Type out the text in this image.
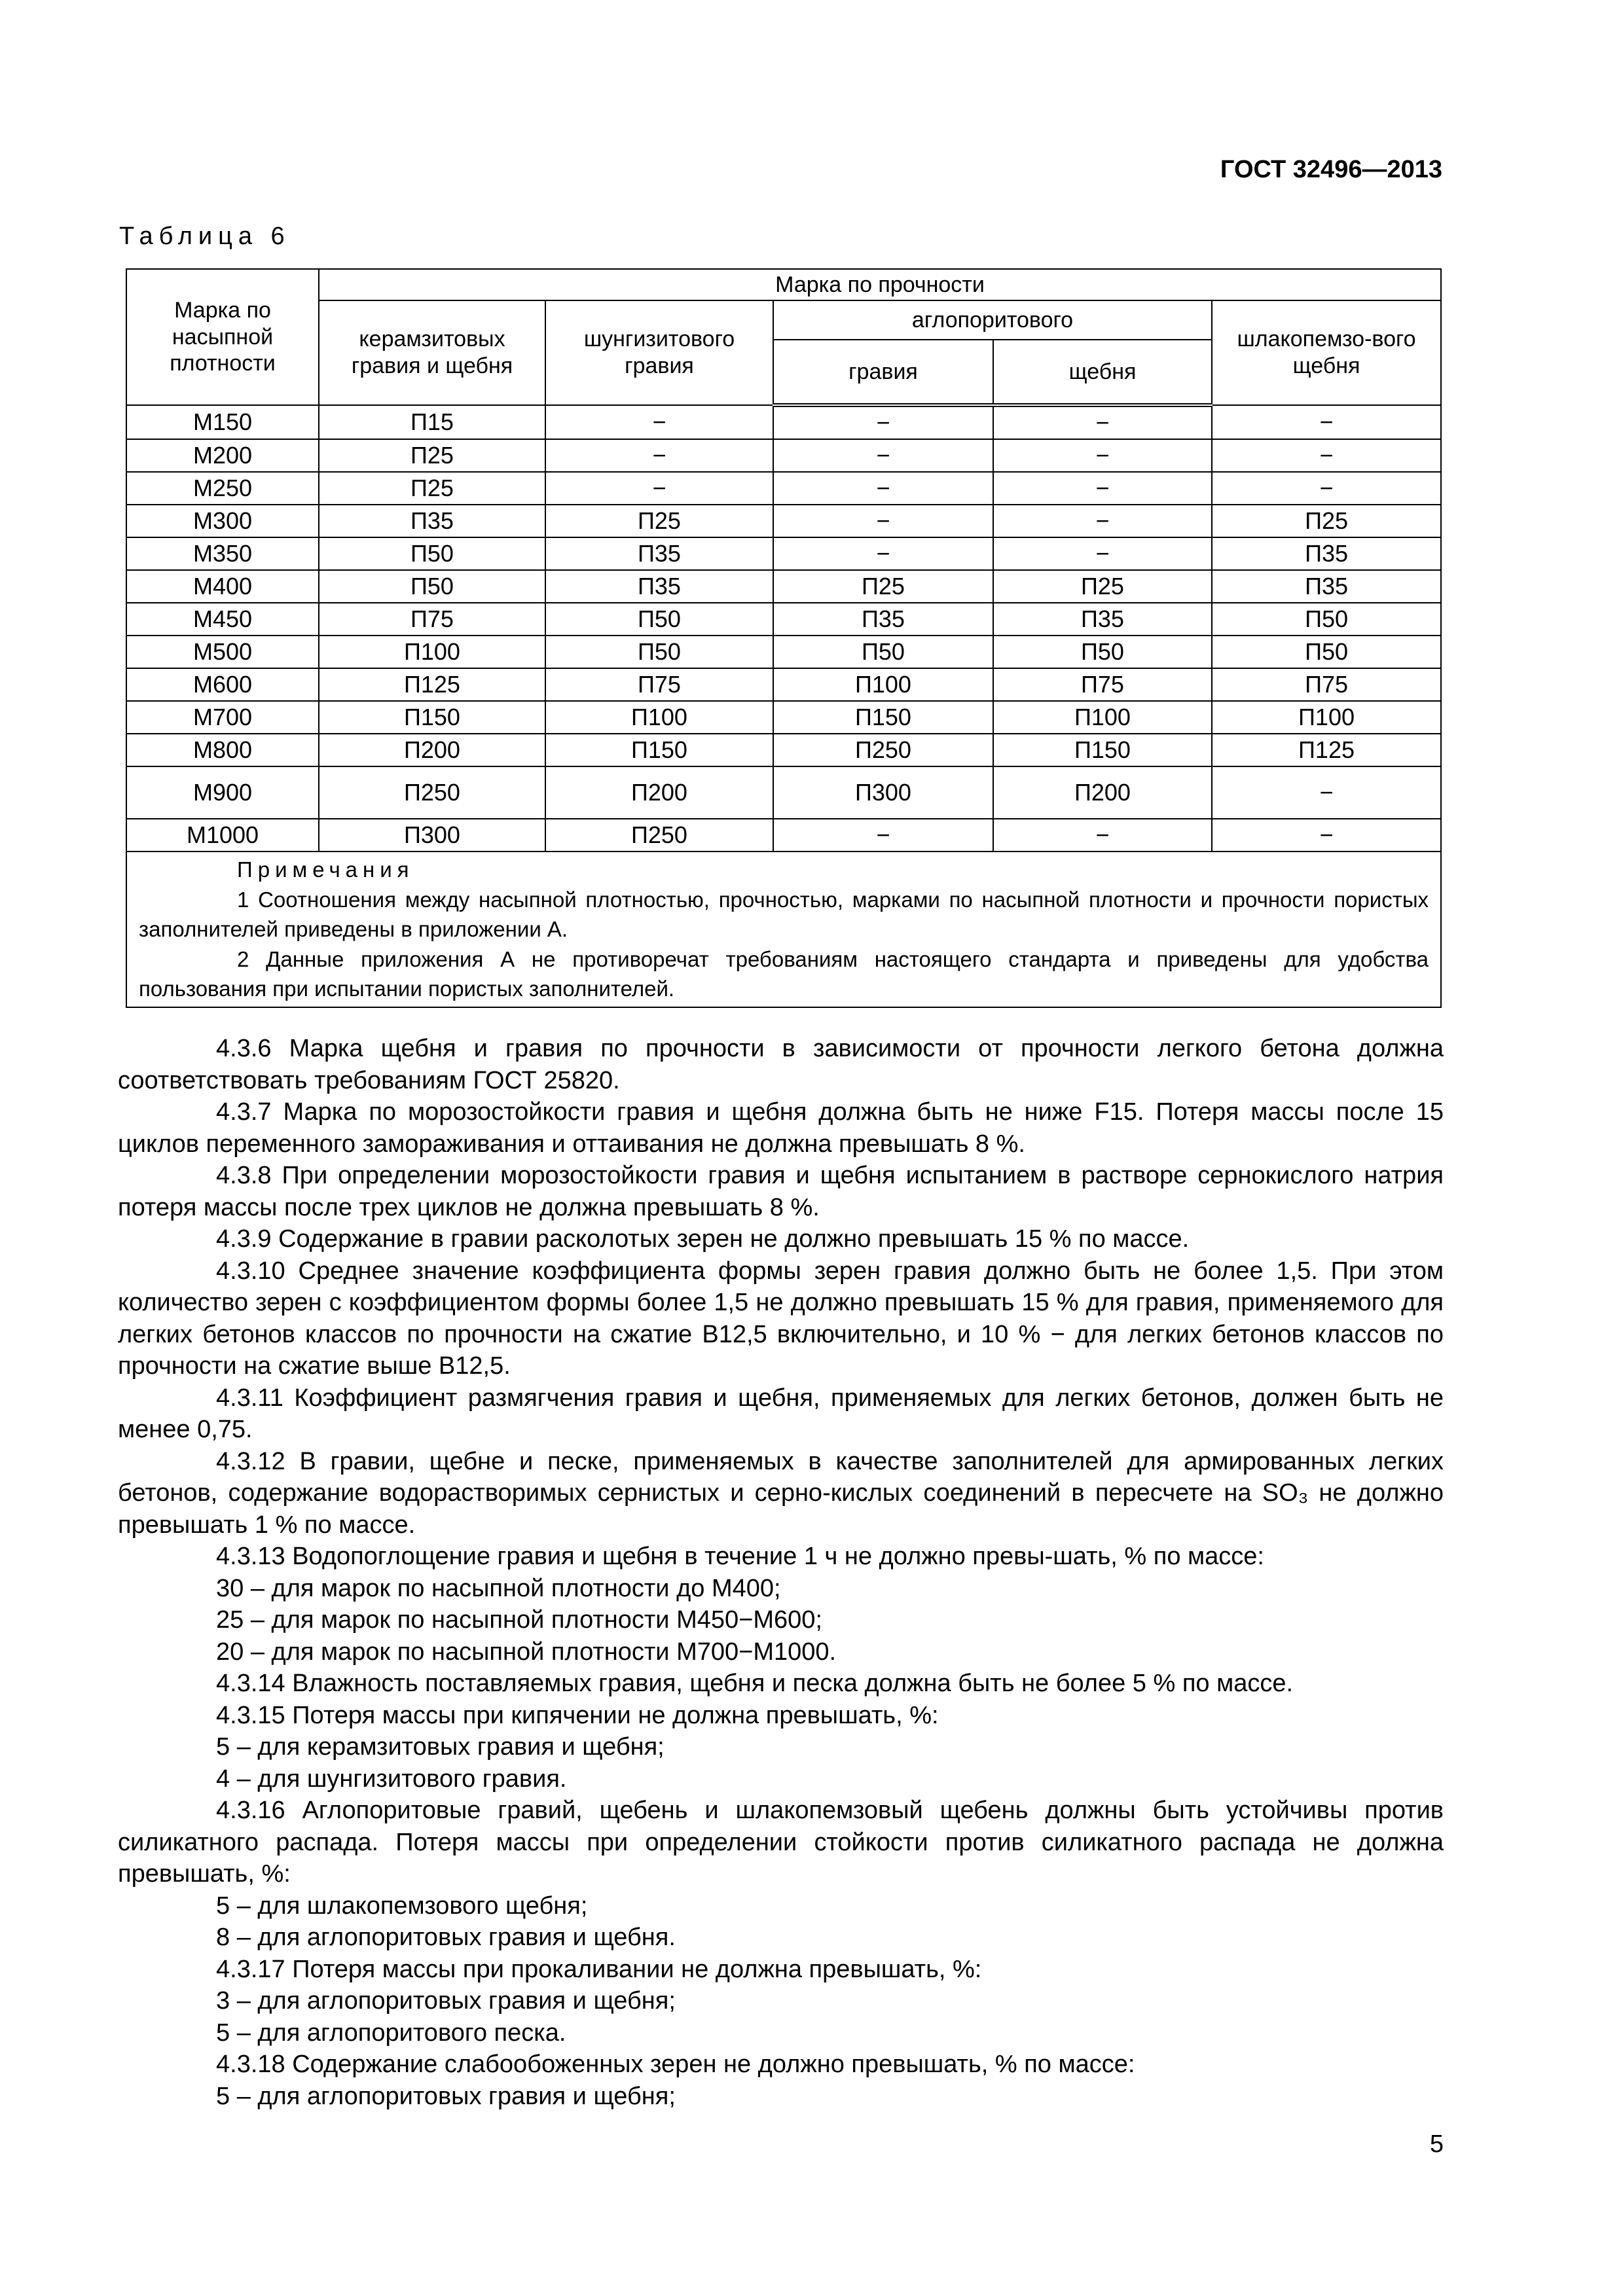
ГОСТ 32496—2013
Таблица 6
Марка по насыпной плотности	Марка по прочности				
	керамзитовых гравия и щебня	шунгизитового гравия	аглопоритового		шлакопемзо-вого щебня
			гравия	щебня	
М150	П15	−	−	−	−
М200	П25	−	−	−	−
М250	П25	−	−	−	−
М300	П35	П25	−	−	П25
М350	П50	П35	−	−	П35
М400	П50	П35	П25	П25	П35
М450	П75	П50	П35	П35	П50
М500	П100	П50	П50	П50	П50
М600	П125	П75	П100	П75	П75
М700	П150	П100	П150	П100	П100
М800	П200	П150	П250	П150	П125
М900	П250	П200	П300	П200	−
М1000	П300	П250	−	−	−

Примечания
1 Соотношения между насыпной плотностью, прочностью, марками по насыпной плотности и прочности пористых заполнителей приведены в приложении А.
2 Данные приложения А не противоречат требованиям настоящего стандарта и приведены для удобства пользования при испытании пористых заполнителей.					

4.3.6 Марка щебня и гравия по прочности в зависимости от прочности легкого бетона должна соответствовать требованиям ГОСТ 25820.

4.3.7 Марка по морозостойкости гравия и щебня должна быть не ниже F15. Потеря массы после 15 циклов переменного замораживания и оттаивания не должна превышать 8 %.

4.3.8 При определении морозостойкости гравия и щебня испытанием в растворе сернокислого натрия потеря массы после трех циклов не должна превышать 8 %.

4.3.9 Содержание в гравии расколотых зерен не должно превышать 15 % по массе.

4.3.10 Среднее значение коэффициента формы зерен гравия должно быть не более 1,5. При этом количество зерен с коэффициентом формы более 1,5 не должно превышать 15 % для гравия, применяемого для легких бетонов классов по прочности на сжатие В12,5 включительно, и 10 % − для легких бетонов классов по прочности на сжатие выше В12,5.

4.3.11 Коэффициент размягчения гравия и щебня, применяемых для легких бетонов, должен быть не менее 0,75.

4.3.12 В гравии, щебне и песке, применяемых в качестве заполнителей для армированных легких бетонов, содержание водорастворимых сернистых и серно-кислых соединений в пересчете на SO₃ не должно превышать 1 % по массе.

4.3.13 Водопоглощение гравия и щебня в течение 1 ч не должно превы-шать, % по массе:

30 – для марок по насыпной плотности до М400;

25 – для марок по насыпной плотности М450−М600;

20 – для марок по насыпной плотности М700−М1000.

4.3.14 Влажность поставляемых гравия, щебня и песка должна быть не более 5 % по массе.

4.3.15 Потеря массы при кипячении не должна превышать, %:

5 – для керамзитовых гравия и щебня;

4 – для шунгизитового гравия.

4.3.16 Аглопоритовые гравий, щебень и шлакопемзовый щебень должны быть устойчивы против силикатного распада. Потеря массы при определении стойкости против силикатного распада не должна превышать, %:

5 – для шлакопемзового щебня;

8 – для аглопоритовых гравия и щебня.

4.3.17 Потеря массы при прокаливании не должна превышать, %:

3 – для аглопоритовых гравия и щебня;

5 – для аглопоритового песка.

4.3.18 Содержание слабообоженных зерен не должно превышать, % по массе:

5 – для аглопоритовых гравия и щебня;

5
